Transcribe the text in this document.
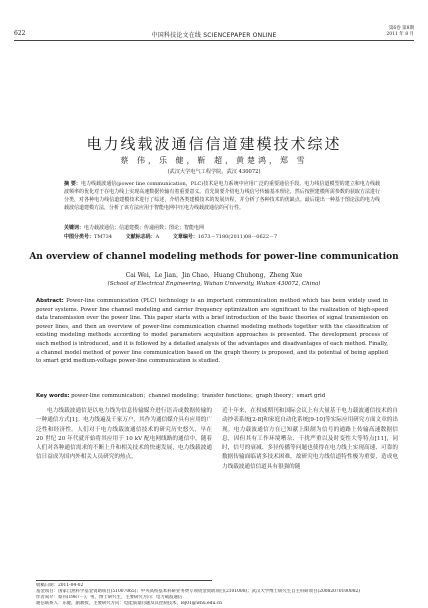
622	中国科技论文在线 SCIENCEPAPER ONLINE
第6卷 第8期
2011 年 8 月
电力线载波通信信道建模技术综述
蔡 伟，乐 健，靳 超，黄楚鸿，郑 雪
(武汉大学电气工程学院，武汉 430072)
摘 要：电力线载波通信(power line communication，PLC)技术是电力系统中应用广泛的重要通信手段。电力线信道模型的建立和电力线载波频率的优化对于在电力线上实现高速数据传输有着重要意义。首先简要介绍电力线信号传输基本理论，然后按照建模所需参数的获取方法进行分类，对各种电力线信道建模技术进行了综述，介绍各类建模技术的发展历程，并分析了各种技术的优缺点。最后提出一种基于图论法的电力线载波信道建模方法，分析了该方法应用于智能电网中压电力线载波通信的可行性。
关键词：电力载波通信；信道建模；传递函数；图论；智能电网
中图分类号：TM734	文献标志码：A	文章编号：1673－7180(2011)08－0622－7
An overview of channel modeling methods for power-line communication
Cai Wei，Le Jian，Jin Chao，Huang Chuhong，Zheng Xue
(School of Electrical Engineering, Wuhan University, Wuhan 430072, China)
Abstract: Power-line communication (PLC) technology is an important communication method which has been widely used in power systems. Power line channel modeling and carrier frequency optimization are significant to the realization of high-speed data transmission over the power line. This paper starts with a brief introduction of the basic theories of signal transmission on power lines, and then an overview of power-line communication channel modeling methods together with the classification of existing modeling methods according to model parameters acquisition approaches is presented. The development process of each method is introduced, and it is followed by a detailed analysis of the advantages and disadvantages of each method. Finally, a channel model method of power line communication based on the graph theory is proposed, and its potential of being applied to smart grid medium-voltage power-line communication is studied.
Key words: power-line communication；channel modeling；transfer functions；graph theory；smart grid

电力线载波通信是以电力线为信息传输媒介进行语音或数据传输的一种通信方式[1]。电力线遍及千家万户，其作为通信媒介具有应用的广泛性和经济性。人们对于电力线载波通信技术的研究历史悠久，早在 20 世纪 20 年代就开始将其应用于 10 kV 配电网线路的通信中，随着人们对各种通信需求的不断上升和相关技术的快速发展，电力线载波通信日益成为国内外相关人员研究的热点。

近十年来，在权威期刊和国际会议上有大量基于电力载波通信技术的自动抄表系统[2-8]和家庭自动化系统[9-10]等实际应用研究方面文章的出现。电力载波通信方在已知献上限制为信号的通路上传输高速数据信息，因但其有工作环境嘈杂、干扰严重以及时变性大等特点[11]，同时，信号的衰减、多径传播等问题也使得在电力线上实现高速、可靠的数据传输面临诸多技术困难，故研究电力线信道特性极为重要，造成电力线载波通信信道具有很强的随

收稿日期：2011-04-02
基金项目：国家自然科学基金资助项目(51007065)；中央高校基本科研业务费专项资金资助项目(2101008)；武汉大学博士研究生自主科研项目(20082070100082)
作者简介：蔡伟(1987－)，男，博士研究生，主要研究方向：电力载波通信
通信联系人：乐健，副教授，主要研究方向：电能质量问题及其控制技术，lej01@whu.edu.cn
